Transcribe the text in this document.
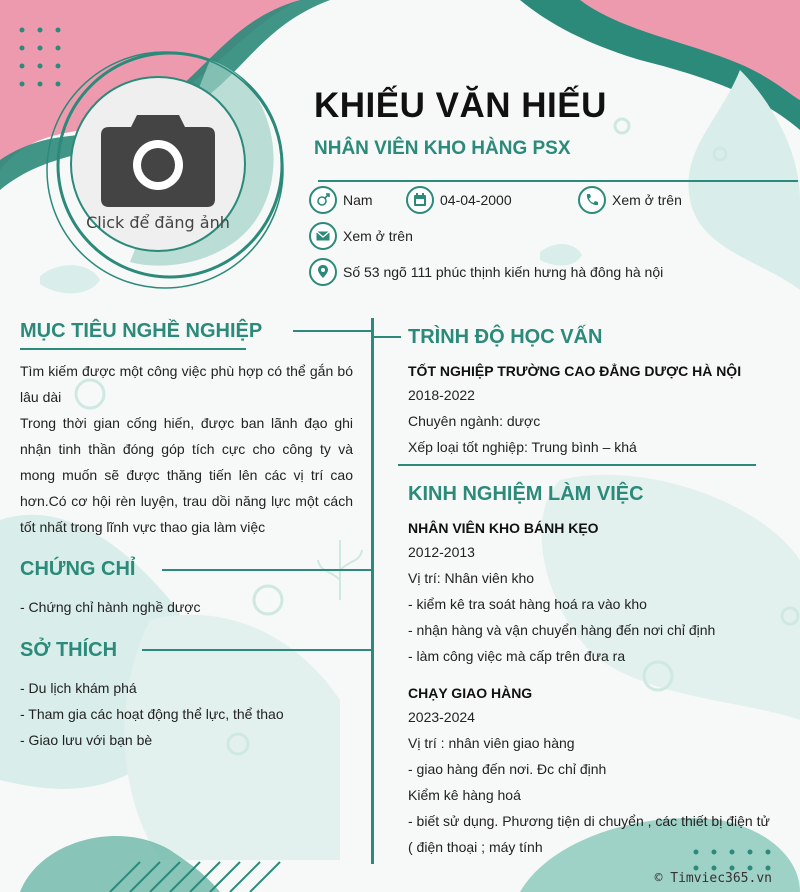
Click để đăng ảnh
KHIẾU VĂN HIẾU
NHÂN VIÊN KHO HÀNG PSX
Nam	04-04-2000	Xem ở trên
Xem ở trên
Số 53 ngõ 111 phúc thịnh kiến hưng hà đông hà nội
MỤC TIÊU NGHỀ NGHIỆP
Tìm kiếm được một công việc phù hợp có thể gắn bó lâu dài
Trong thời gian cống hiến, được ban lãnh đạo ghi nhận tinh thần đóng góp tích cực cho công ty và mong muốn sẽ được thăng tiến lên các vị trí cao hơn.Có cơ hội rèn luyện, trau dồi năng lực một cách tốt nhất trong lĩnh vực thao gia làm việc
CHỨNG CHỈ
- Chứng chỉ hành nghề dược
SỞ THÍCH
- Du lịch khám phá
- Tham gia các hoạt động thể lực, thể thao
- Giao lưu với bạn bè
TRÌNH ĐỘ HỌC VẤN
TỐT NGHIỆP TRƯỜNG CAO ĐẲNG DƯỢC HÀ NỘI
2018-2022
Chuyên ngành: dược
Xếp loại tốt nghiệp: Trung bình – khá
KINH NGHIỆM LÀM VIỆC
NHÂN VIÊN KHO BÁNH KẸO
2012-2013
Vị trí: Nhân viên kho
- kiểm kê tra soát hàng hoá ra vào kho
- nhận hàng và vận chuyển hàng đến nơi chỉ định
- làm công việc mà cấp trên đưa ra
CHẠY GIAO HÀNG
2023-2024
Vị trí : nhân viên giao hàng
- giao hàng đến nơi. Đc chỉ định
Kiểm kê hàng hoá
- biết sử dụng. Phương tiện di chuyển , các thiết bị điện tử
( điện thoại ; máy tính
© Timviec365.vn
